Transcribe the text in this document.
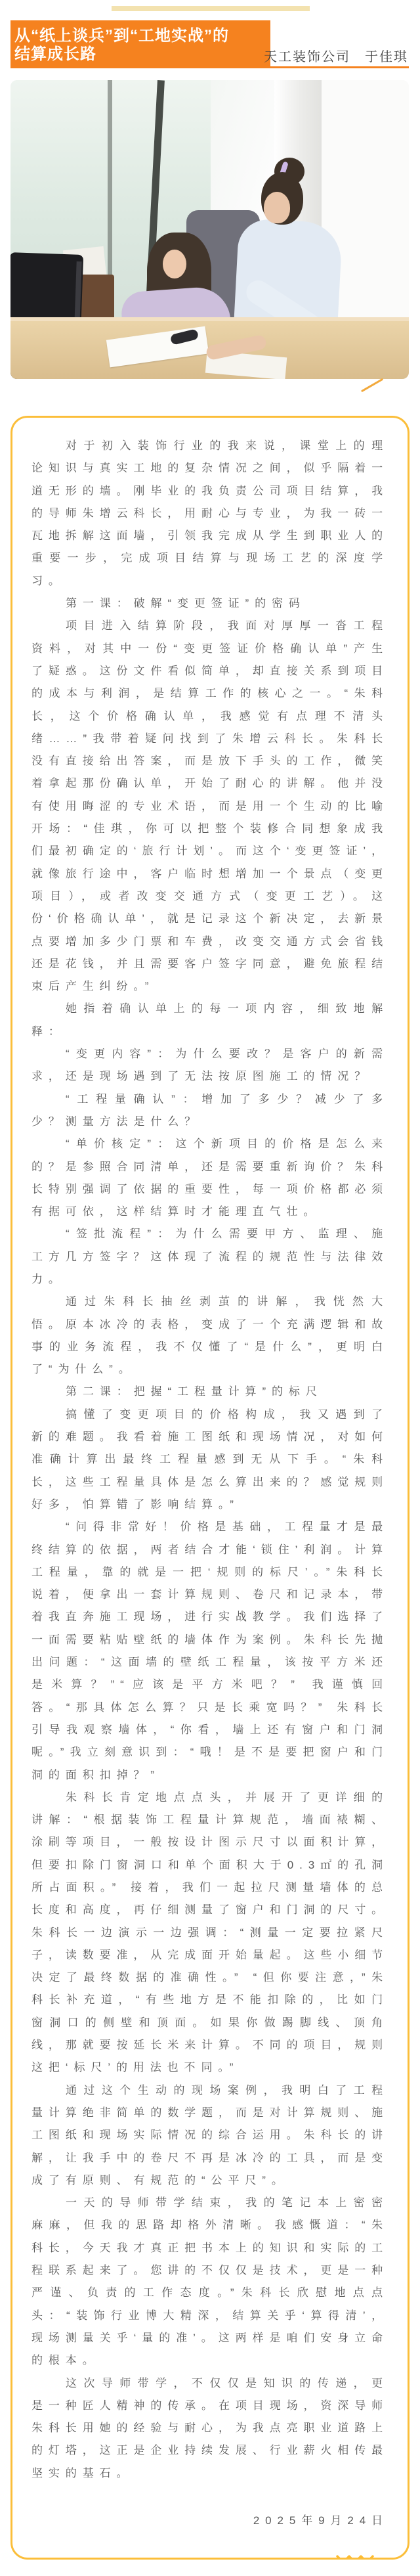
从“纸上谈兵”到“工地实战”的
结算成长路	天工装饰公司 于佳琪

对于初入装饰行业的我来说，课堂上的理论知识与真实工地的复杂情况之间，似乎隔着一道无形的墙。刚毕业的我负责公司项目结算，我的导师朱增云科长，用耐心与专业，为我一砖一瓦地拆解这面墙，引领我完成从学生到职业人的重要一步，完成项目结算与现场工艺的深度学习。

第一课：破解“变更签证”的密码

项目进入结算阶段，我面对厚厚一沓工程资料，对其中一份“变更签证价格确认单”产生了疑惑。这份文件看似简单，却直接关系到项目的成本与利润，是结算工作的核心之一。“朱科长，这个价格确认单，我感觉有点理不清头绪……”我带着疑问找到了朱增云科长。朱科长没有直接给出答案，而是放下手头的工作，微笑着拿起那份确认单，开始了耐心的讲解。他并没有使用晦涩的专业术语，而是用一个生动的比喻开场：“佳琪，你可以把整个装修合同想象成我们最初确定的‘旅行计划’。而这个‘变更签证’，就像旅行途中，客户临时想增加一个景点（变更项目），或者改变交通方式（变更工艺）。这份‘价格确认单’，就是记录这个新决定，去新景点要增加多少门票和车费，改变交通方式会省钱还是花钱，并且需要客户签字同意，避免旅程结束后产生纠纷。”

她指着确认单上的每一项内容，细致地解释：

“变更内容”：为什么要改？是客户的新需求，还是现场遇到了无法按原图施工的情况？

“工程量确认”：增加了多少？减少了多少？测量方法是什么？

“单价核定”：这个新项目的价格是怎么来的？是参照合同清单，还是需要重新询价？朱科长特别强调了依据的重要性，每一项价格都必须有据可依，这样结算时才能理直气壮。

“签批流程”：为什么需要甲方、监理、施工方几方签字？这体现了流程的规范性与法律效力。

通过朱科长抽丝剥茧的讲解，我恍然大悟。原本冰冷的表格，变成了一个充满逻辑和故事的业务流程，我不仅懂了“是什么”，更明白了“为什么”。

第二课：把握“工程量计算”的标尺

搞懂了变更项目的价格构成，我又遇到了新的难题。我看着施工图纸和现场情况，对如何准确计算出最终工程量感到无从下手。“朱科长，这些工程量具体是怎么算出来的？感觉规则好多，怕算错了影响结算。”

“问得非常好！价格是基础，工程量才是最终结算的依据，两者结合才能‘锁住’利润。计算工程量，靠的就是一把‘规则的标尺’。”朱科长说着，便拿出一套计算规则、卷尺和记录本，带着我直奔施工现场，进行实战教学。我们选择了一面需要粘贴壁纸的墙体作为案例。朱科长先抛出问题：“这面墙的壁纸工程量，该按平方米还是米算？”“应该是平方米吧？” 我谨慎回答。“那具体怎么算？只是长乘宽吗？” 朱科长引导我观察墙体，“你看，墙上还有窗户和门洞呢。”我立刻意识到：“哦！是不是要把窗户和门洞的面积扣掉？”

朱科长肯定地点点头，并展开了更详细的讲解：“根据装饰工程量计算规范，墙面裱糊、涂刷等项目，一般按设计图示尺寸以面积计算，但要扣除门窗洞口和单个面积大于0.3㎡的孔洞所占面积。” 接着，我们一起拉尺测量墙体的总长度和高度，再仔细测量了窗户和门洞的尺寸。朱科长一边演示一边强调：“测量一定要拉紧尺子，读数要准，从完成面开始量起。这些小细节决定了最终数据的准确性。” “但你要注意，”朱科长补充道，“有些地方是不能扣除的，比如门窗洞口的侧壁和顶面。如果你做踢脚线、顶角线，那就要按延长米来计算。不同的项目，规则这把‘标尺’的用法也不同。”

通过这个生动的现场案例，我明白了工程量计算绝非简单的数学题，而是对计算规则、施工图纸和现场实际情况的综合运用。朱科长的讲解，让我手中的卷尺不再是冰冷的工具，而是变成了有原则、有规范的“公平尺”。

一天的导师带学结束，我的笔记本上密密麻麻，但我的思路却格外清晰。我感慨道：“朱科长，今天我才真正把书本上的知识和实际的工程联系起来了。您讲的不仅仅是技术，更是一种严谨、负责的工作态度。”朱科长欣慰地点点头：“装饰行业博大精深，结算关乎‘算得清’，现场测量关乎‘量的准’。这两样是咱们安身立命的根本。

这次导师带学，不仅仅是知识的传递，更是一种匠人精神的传承。在项目现场，资深导师朱科长用她的经验与耐心，为我点亮职业道路上的灯塔，这正是企业持续发展、行业薪火相传最坚实的基石。

2025年9月24日
